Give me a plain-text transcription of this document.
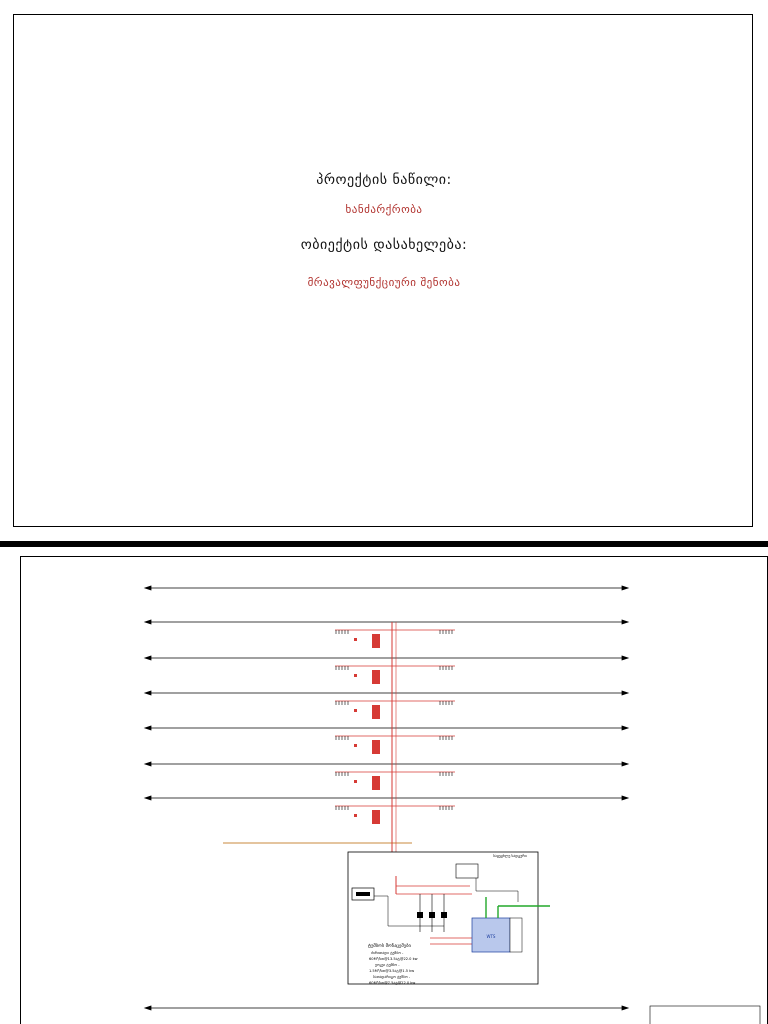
პროექტის ნაწილი:
ხანძარქრობა
ობიექტის დასახელება:
მრავალფუნქციური შენობა
საცეცხლე სადგური
WTS
ტუმბოს მონაცემები
ძირითადი ტუმბო -
60M³/სთ@13.5ატ@22.0 kw
ჟოკეი ტუმბო -
1.5M³/სთ@3.5ატ@1.5 kw
სათადარიგო ტუმბო -
60M³/სთ@7.5ატ@22.0 kw
